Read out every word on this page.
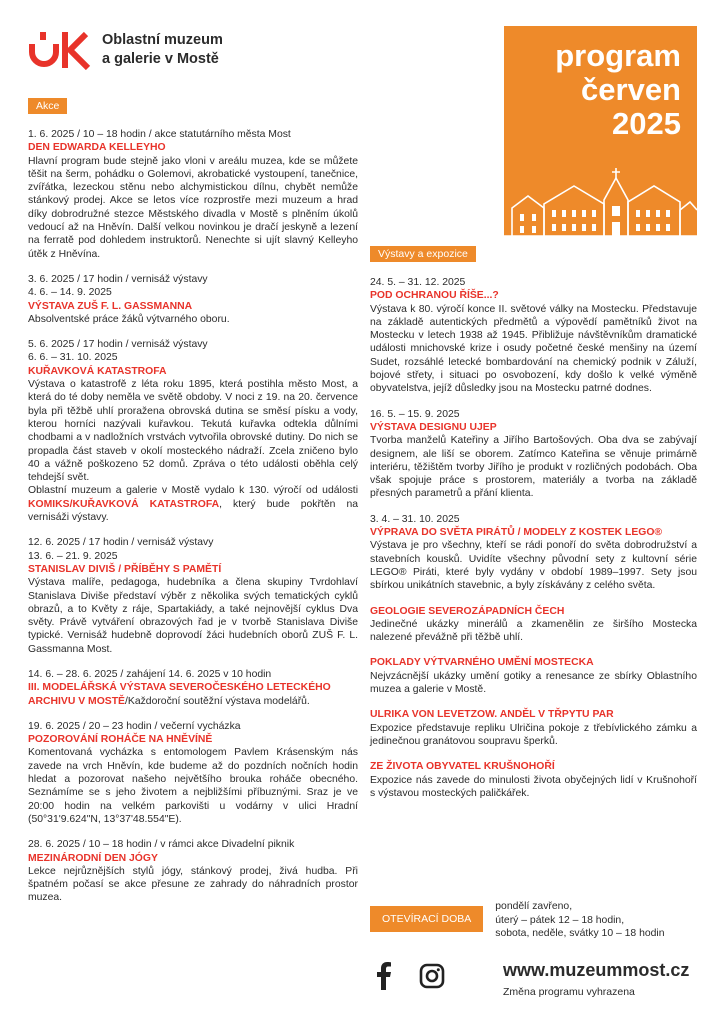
Oblastní muzeum
a galerie v Mostě	program
červen
2025
Akce
Výstavy a expozice
1. 6. 2025 / 10 – 18 hodin / akce statutárního města Most
DEN EDWARDA KELLEYHO

Hlavní program bude stejně jako vloni v areálu muzea, kde se můžete těšit na šerm, pohádku o Golemovi, akrobatické vystoupení, tanečnice, zvířátka, lezeckou stěnu nebo alchymistickou dílnu, chybět nemůže stánkový prodej. Akce se letos více rozprostře mezi muzeum a hrad díky dobrodružné stezce Městského divadla v Mostě s plněním úkolů vedoucí až na Hněvín. Další velkou novinkou je dračí jeskyně a lezení na ferratě pod dohledem instruktorů. Nenechte si ujít slavný Kelleyho útěk z Hněvína.

3. 6. 2025 / 17 hodin / vernisáž výstavy
4. 6. – 14. 9. 2025
VÝSTAVA ZUŠ F. L. GASSMANNA

Absolventské práce žáků výtvarného oboru.

5. 6. 2025 / 17 hodin / vernisáž výstavy
6. 6. – 31. 10. 2025
KUŘAVKOVÁ KATASTROFA

Výstava o katastrofě z léta roku 1895, která postihla město Most, a která do té doby neměla ve světě obdoby. V noci z 19. na 20. července byla při těžbě uhlí proražena obrovská dutina se směsí písku a vody, kterou horníci nazývali kuřavkou. Tekutá kuřavka odtekla důlními chodbami a v nadložních vrstvách vytvořila obrovské dutiny. Do nich se propadla část staveb v okolí mosteckého nádraží. Zcela zničeno bylo 40 a vážně poškozeno 52 domů. Zpráva o této události oběhla celý tehdejší svět.

Oblastní muzeum a galerie v Mostě vydalo k 130. výročí od události KOMIKS/KUŘAVKOVÁ KATASTROFA, který bude pokřtěn na vernisáži výstavy.

12. 6. 2025 / 17 hodin / vernisáž výstavy
13. 6. – 21. 9. 2025
STANISLAV DIVIŠ / PŘÍBĚHY S PAMĚTÍ

Výstava malíře, pedagoga, hudebníka a člena skupiny Tvrdohlaví Stanislava Diviše představí výběr z několika svých tematických cyklů obrazů, a to Květy z ráje, Spartakiády, a také nejnovější cyklus Dva světy. Právě vytváření obrazových řad je v tvorbě Stanislava Diviše typické. Vernisáž hudebně doprovodí žáci hudebních oborů ZUŠ F. L. Gassmanna Most.

14. 6. – 28. 6. 2025 / zahájení 14. 6. 2025 v 10 hodin
III. MODELÁŘSKÁ VÝSTAVA SEVEROČESKÉHO LETECKÉHO ARCHIVU V MOSTĚ/Každoroční soutěžní výstava modelářů.
19. 6. 2025 / 20 – 23 hodin / večerní vycházka
POZOROVÁNÍ ROHÁČE NA HNĚVÍNĚ

Komentovaná vycházka s entomologem Pavlem Krásenským nás zavede na vrch Hněvín, kde budeme až do pozdních nočních hodin hledat a pozorovat našeho největšího brouka roháče obecného. Seznámíme se s jeho životem a nejbližšími příbuznými. Sraz je ve 20:00 hodin na velkém parkovišti u vodárny v ulici Hradní (50°31'9.624"N, 13°37'48.554"E).

28. 6. 2025 / 10 – 18 hodin / v rámci akce Divadelní piknik
MEZINÁRODNÍ DEN JÓGY

Lekce nejrůznějších stylů jógy, stánkový prodej, živá hudba. Při špatném počasí se akce přesune ze zahrady do náhradních prostor muzea.

24. 5. – 31. 12. 2025
POD OCHRANOU ŘÍŠE...?

Výstava k 80. výročí konce II. světové války na Mostecku. Představuje na základě autentických předmětů a výpovědí pamětníků život na Mostecku v letech 1938 až 1945. Přibližuje návštěvníkům dramatické události mnichovské krize i osudy početné české menšiny na území Sudet, rozsáhlé letecké bombardování na chemický podnik v Záluží, bojové střety, i situaci po osvobození, kdy došlo k velké výměně obyvatelstva, jejíž důsledky jsou na Mostecku patrné dodnes.

16. 5. – 15. 9. 2025
VÝSTAVA DESIGNU UJEP

Tvorba manželů Kateřiny a Jiřího Bartošových. Oba dva se zabývají designem, ale liší se oborem. Zatímco Kateřina se věnuje primárně interiéru, těžištěm tvorby Jiřího je produkt v rozličných podobách. Oba však spojuje práce s prostorem, materiály a tvorba na základě přesných parametrů a přání klienta.

3. 4. – 31. 10. 2025
VÝPRAVA DO SVĚTA PIRÁTŮ / MODELY Z KOSTEK LEGO®

Výstava je pro všechny, kteří se rádi ponoří do světa dobrodružství a stavebních kousků. Uvidíte všechny původní sety z kultovní série LEGO® Piráti, které byly vydány v období 1989–1997. Sety jsou sbírkou unikátních stavebnic, a byly získávány z celého světa.

GEOLOGIE SEVEROZÁPADNÍCH ČECH

Jedinečné ukázky minerálů a zkamenělin ze širšího Mostecka nalezené převážně při těžbě uhlí.

POKLADY VÝTVARNÉHO UMĚNÍ MOSTECKA

Nejvzácnější ukázky umění gotiky a renesance ze sbírky Oblastního muzea a galerie v Mostě.

ULRIKA VON LEVETZOW. ANDĚL V TŘPYTU PAR

Expozice představuje repliku Ulričina pokoje z třebívlického zámku a jedinečnou granátovou soupravu šperků.

ZE ŽIVOTA OBYVATEL KRUŠNOHOŘÍ

Expozice nás zavede do minulosti života obyčejných lidí v Krušnohoří s výstavou mosteckých paličkářek.

OTEVÍRACÍ DOBA
pondělí zavřeno,
úterý – pátek 12 – 18 hodin,
sobota, neděle, svátky 10 – 18 hodin
www.muzeummost.cz
Změna programu vyhrazena
